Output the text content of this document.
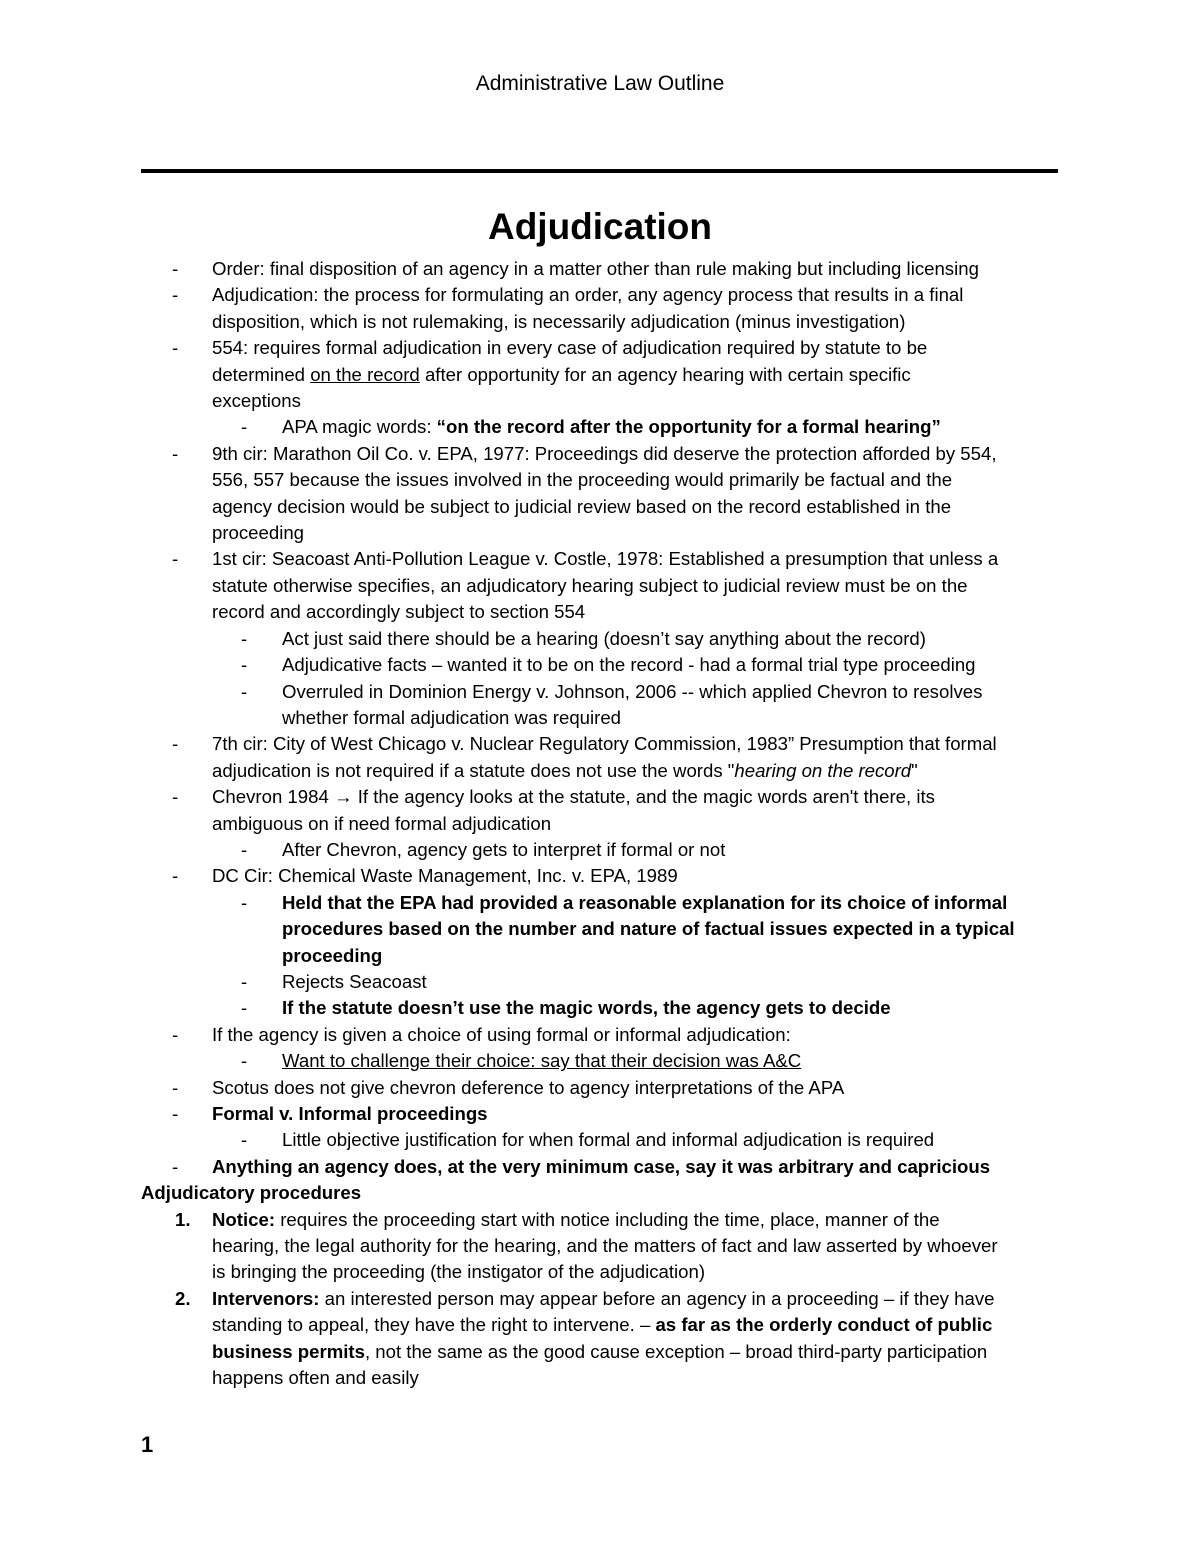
Administrative Law Outline
Adjudication
- Order: final disposition of an agency in a matter other than rule making but including licensing
- Adjudication: the process for formulating an order, any agency process that results in a final
disposition, which is not rulemaking, is necessarily adjudication (minus investigation)
- 554: requires formal adjudication in every case of adjudication required by statute to be
determined on the record after opportunity for an agency hearing with certain specific
exceptions
- APA magic words: “on the record after the opportunity for a formal hearing”
- 9th cir: Marathon Oil Co. v. EPA, 1977: Proceedings did deserve the protection afforded by 554,
556, 557 because the issues involved in the proceeding would primarily be factual and the
agency decision would be subject to judicial review based on the record established in the
proceeding
- 1st cir: Seacoast Anti-Pollution League v. Costle, 1978: Established a presumption that unless a
statute otherwise specifies, an adjudicatory hearing subject to judicial review must be on the
record and accordingly subject to section 554
- Act just said there should be a hearing (doesn’t say anything about the record)
- Adjudicative facts – wanted it to be on the record - had a formal trial type proceeding
- Overruled in Dominion Energy v. Johnson, 2006 -- which applied Chevron to resolves
whether formal adjudication was required
- 7th cir: City of West Chicago v. Nuclear Regulatory Commission, 1983” Presumption that formal
adjudication is not required if a statute does not use the words "hearing on the record"
- Chevron 1984 → If the agency looks at the statute, and the magic words aren't there, its
ambiguous on if need formal adjudication
- After Chevron, agency gets to interpret if formal or not
- DC Cir: Chemical Waste Management, Inc. v. EPA, 1989
- Held that the EPA had provided a reasonable explanation for its choice of informal
procedures based on the number and nature of factual issues expected in a typical
proceeding
- Rejects Seacoast
- If the statute doesn’t use the magic words, the agency gets to decide
- If the agency is given a choice of using formal or informal adjudication:
- Want to challenge their choice: say that their decision was A&C
- Scotus does not give chevron deference to agency interpretations of the APA
- Formal v. Informal proceedings
- Little objective justification for when formal and informal adjudication is required
- Anything an agency does, at the very minimum case, say it was arbitrary and capricious
Adjudicatory procedures
1. Notice: requires the proceeding start with notice including the time, place, manner of the
hearing, the legal authority for the hearing, and the matters of fact and law asserted by whoever
is bringing the proceeding (the instigator of the adjudication)
2. Intervenors: an interested person may appear before an agency in a proceeding – if they have
standing to appeal, they have the right to intervene. – as far as the orderly conduct of public
business permits, not the same as the good cause exception – broad third-party participation
happens often and easily
1
